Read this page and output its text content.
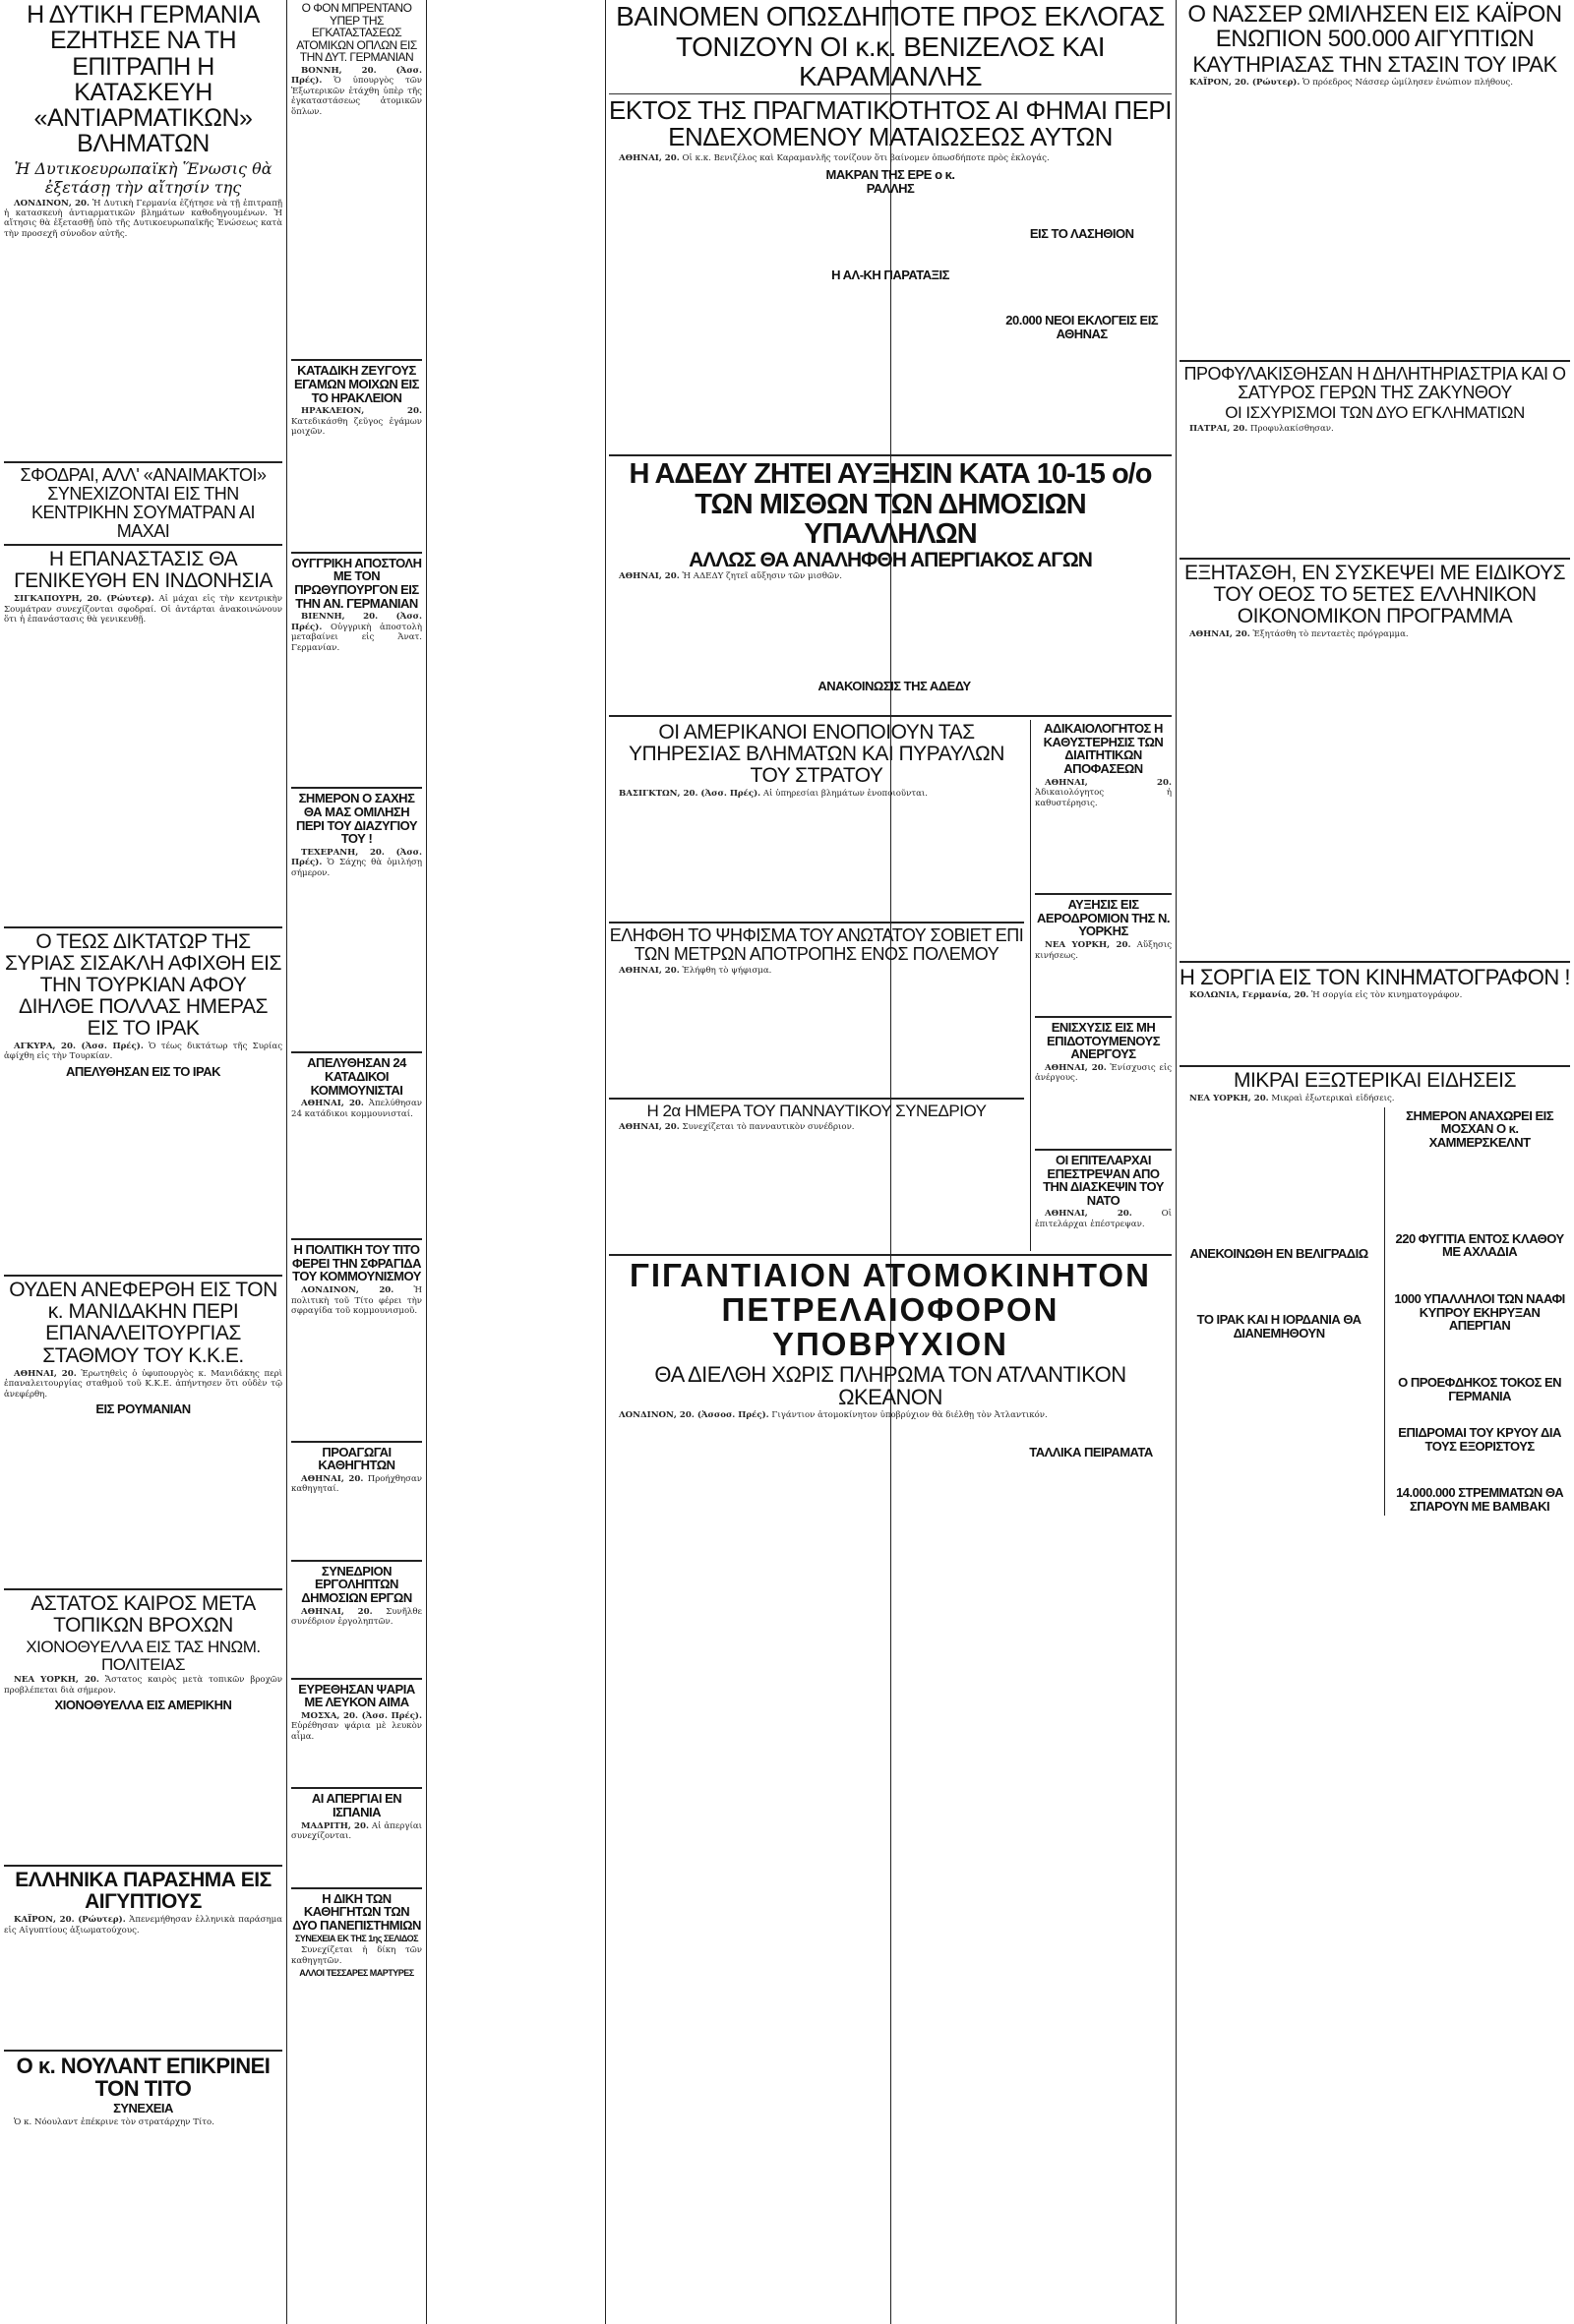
Η ΔΥΤΙΚΗ ΓΕΡΜΑΝΙΑ ΕΖΗΤΗΣΕ ΝΑ ΤΗ ΕΠΙΤΡΑΠΗ Η ΚΑΤΑΣΚΕΥΗ «ΑΝΤΙΑΡΜΑΤΙΚΩΝ» ΒΛΗΜΑΤΩΝ
Ἡ Δυτικοευρωπαϊκὴ Ἕνωσις θὰ ἐξετάσῃ τὴν αἴτησίν της

ΛΟΝΔΙΝΟΝ, 20. Ἡ Δυτικὴ Γερμανία ἐζήτησε νὰ τῇ ἐπιτραπῇ ἡ κατασκευὴ ἀντιαρματικῶν βλημάτων καθοδηγουμένων. Ἡ αἴτησις θὰ ἐξετασθῇ ὑπὸ τῆς Δυτικοευρωπαϊκῆς Ἑνώσεως κατὰ τὴν προσεχῆ σύνοδον αὐτῆς.

ΣΦΟΔΡΑΙ, ΑΛΛ' «ΑΝΑΙΜΑΚΤΟΙ» ΣΥΝΕΧΙΖΟΝΤΑΙ ΕΙΣ ΤΗΝ ΚΕΝΤΡΙΚΗΝ ΣΟΥΜΑΤΡΑΝ ΑΙ ΜΑΧΑΙ
Η ΕΠΑΝΑΣΤΑΣΙΣ ΘΑ ΓΕΝΙΚΕΥΘΗ ΕΝ ΙΝΔΟΝΗΣΙΑ

ΣΙΓΚΑΠΟΥΡΗ, 20. (Ρώυτερ). Αἱ μάχαι εἰς τὴν κεντρικὴν Σουμάτραν συνεχίζονται σφοδραί. Οἱ ἀντάρται ἀνακοινώνουν ὅτι ἡ ἐπανάστασις θὰ γενικευθῇ.

Ο ΤΕΩΣ ΔΙΚΤΑΤΩΡ ΤΗΣ ΣΥΡΙΑΣ ΣΙΣΑΚΛΗ ΑΦΙΧΘΗ ΕΙΣ ΤΗΝ ΤΟΥΡΚΙΑΝ ΑΦΟΥ ΔΙΗΛΘΕ ΠΟΛΛΑΣ ΗΜΕΡΑΣ ΕΙΣ ΤΟ ΙΡΑΚ

ΑΓΚΥΡΑ, 20. (Ἀσσ. Πρές). Ὁ τέως δικτάτωρ τῆς Συρίας ἀφίχθη εἰς τὴν Τουρκίαν.

ΑΠΕΛΥΘΗΣΑΝ ΕΙΣ ΤΟ ΙΡΑΚ
ΟΥΔΕΝ ΑΝΕΦΕΡΘΗ ΕΙΣ ΤΟΝ κ. ΜΑΝΙΔΑΚΗΝ ΠΕΡΙ ΕΠΑΝΑΛΕΙΤΟΥΡΓΙΑΣ ΣΤΑΘΜΟΥ ΤΟΥ Κ.Κ.Ε.

ΑΘΗΝΑΙ, 20. Ἐρωτηθεὶς ὁ ὑφυπουργὸς κ. Μανιδάκης περὶ ἐπαναλειτουργίας σταθμοῦ τοῦ Κ.Κ.Ε. ἀπήντησεν ὅτι οὐδὲν τῷ ἀνεφέρθη.

ΕΙΣ ΡΟΥΜΑΝΙΑΝ
ΑΣΤΑΤΟΣ ΚΑΙΡΟΣ ΜΕΤΑ ΤΟΠΙΚΩΝ ΒΡΟΧΩΝ
ΧΙΟΝΟΘΥΕΛΛΑ ΕΙΣ ΤΑΣ ΗΝΩΜ. ΠΟΛΙΤΕΙΑΣ

ΝΕΑ ΥΟΡΚΗ, 20. Ἄστατος καιρὸς μετὰ τοπικῶν βροχῶν προβλέπεται διὰ σήμερον.

ΧΙΟΝΟΘΥΕΛΛΑ ΕΙΣ ΑΜΕΡΙΚΗΝ
ΕΛΛΗΝΙΚΑ ΠΑΡΑΣΗΜΑ ΕΙΣ ΑΙΓΥΠΤΙΟΥΣ

ΚΑΪΡΟΝ, 20. (Ρώυτερ). Ἀπενεμήθησαν ἑλληνικὰ παράσημα εἰς Αἰγυπτίους ἀξιωματούχους.

Ο κ. ΝΟΥΛΑΝΤ ΕΠΙΚΡΙΝΕΙ ΤΟΝ ΤΙΤΟ
ΣΥΝΕΧΕΙΑ

Ὁ κ. Νόουλαντ ἐπέκρινε τὸν στρατάρχην Τίτο.

Ο ΦΟΝ ΜΠΡΕΝΤΑΝΟ ΥΠΕΡ ΤΗΣ ΕΓΚΑΤΑΣΤΑΣΕΩΣ ΑΤΟΜΙΚΩΝ ΟΠΛΩΝ ΕΙΣ ΤΗΝ ΔΥΤ. ΓΕΡΜΑΝΙΑΝ

ΒΟΝΝΗ, 20. (Ἀσσ. Πρές). Ὁ ὑπουργὸς τῶν Ἐξωτερικῶν ἐτάχθη ὑπὲρ τῆς ἐγκαταστάσεως ἀτομικῶν ὅπλων.

ΚΑΤΑΔΙΚΗ ΖΕΥΓΟΥΣ ΕΓΑΜΩΝ ΜΟΙΧΩΝ ΕΙΣ ΤΟ ΗΡΑΚΛΕΙΟΝ

ΗΡΑΚΛΕΙΟΝ, 20. Κατεδικάσθη ζεῦγος ἐγάμων μοιχῶν.

ΟΥΓΓΡΙΚΗ ΑΠΟΣΤΟΛΗ ΜΕ ΤΟΝ ΠΡΩΘΥΠΟΥΡΓΟΝ ΕΙΣ ΤΗΝ ΑΝ. ΓΕΡΜΑΝΙΑΝ

ΒΙΕΝΝΗ, 20. (Ἀσσ. Πρές). Οὐγγρικὴ ἀποστολὴ μεταβαίνει εἰς Ἀνατ. Γερμανίαν.

ΣΗΜΕΡΟΝ Ο ΣΑΧΗΣ ΘΑ ΜΑΣ ΟΜΙΛΗΣΗ ΠΕΡΙ ΤΟΥ ΔΙΑΖΥΓΙΟΥ ΤΟΥ !

ΤΕΧΕΡΑΝΗ, 20. (Ἀσσ. Πρές). Ὁ Σάχης θὰ ὁμιλήσῃ σήμερον.

ΑΠΕΛΥΘΗΣΑΝ 24 ΚΑΤΑΔΙΚΟΙ ΚΟΜΜΟΥΝΙΣΤΑΙ

ΑΘΗΝΑΙ, 20. Ἀπελύθησαν 24 κατάδικοι κομμουνισταί.

Η ΠΟΛΙΤΙΚΗ ΤΟΥ ΤΙΤΟ ΦΕΡΕΙ ΤΗΝ ΣΦΡΑΓΙΔΑ ΤΟΥ ΚΟΜΜΟΥΝΙΣΜΟΥ

ΛΟΝΔΙΝΟΝ, 20. Ἡ πολιτικὴ τοῦ Τίτο φέρει τὴν σφραγίδα τοῦ κομμουνισμοῦ.

ΠΡΟΑΓΩΓΑΙ ΚΑΘΗΓΗΤΩΝ

ΑΘΗΝΑΙ, 20. Προήχθησαν καθηγηταί.

ΣΥΝΕΔΡΙΟΝ ΕΡΓΟΛΗΠΤΩΝ ΔΗΜΟΣΙΩΝ ΕΡΓΩΝ

ΑΘΗΝΑΙ, 20. Συνῆλθε συνέδριον ἐργοληπτῶν.

ΕΥΡΕΘΗΣΑΝ ΨΑΡΙΑ ΜΕ ΛΕΥΚΟΝ ΑΙΜΑ

ΜΟΣΧΑ, 20. (Ἀσσ. Πρές). Εὑρέθησαν ψάρια μὲ λευκὸν αἷμα.

ΑΙ ΑΠΕΡΓΙΑΙ ΕΝ ΙΣΠΑΝΙΑ

ΜΑΔΡΙΤΗ, 20. Αἱ ἀπεργίαι συνεχίζονται.

Η ΔΙΚΗ ΤΩΝ ΚΑΘΗΓΗΤΩΝ ΤΩΝ ΔΥΟ ΠΑΝΕΠΙΣΤΗΜΙΩΝ
ΣΥΝΕΧΕΙΑ ΕΚ ΤΗΣ 1ης ΣΕΛΙΔΟΣ

Συνεχίζεται ἡ δίκη τῶν καθηγητῶν.

ΑΛΛΟΙ ΤΕΣΣΑΡΕΣ ΜΑΡΤΥΡΕΣ
ΒΑΙΝΟΜΕΝ ΟΠΩΣΔΗΠΟΤΕ ΠΡΟΣ ΕΚΛΟΓΑΣ
ΤΟΝΙΖΟΥΝ ΟΙ κ.κ. ΒΕΝΙΖΕΛΟΣ ΚΑΙ ΚΑΡΑΜΑΝΛΗΣ
ΕΚΤΟΣ ΤΗΣ ΠΡΑΓΜΑΤΙΚΟΤΗΤΟΣ ΑΙ ΦΗΜΑΙ ΠΕΡΙ ΕΝΔΕΧΟΜΕΝΟΥ ΜΑΤΑΙΩΣΕΩΣ ΑΥΤΩΝ

ΑΘΗΝΑΙ, 20. Οἱ κ.κ. Βενιζέλος καὶ Καραμανλῆς τονίζουν ὅτι βαίνομεν ὁπωσδήποτε πρὸς ἐκλογάς.

ΜΑΚΡΑΝ ΤΗΣ ΕΡΕ ο κ. ΡΑΛΛΗΣ
Η ΑΛ-ΚΗ ΠΑΡΑΤΑΞΙΣ
ΕΙΣ ΤΟ ΛΑΣΗΘΙΟΝ
20.000 ΝΕΟΙ ΕΚΛΟΓΕΙΣ ΕΙΣ ΑΘΗΝΑΣ
Η ΑΔΕΔΥ ΖΗΤΕΙ ΑΥΞΗΣΙΝ ΚΑΤΑ 10-15 ο/ο
ΤΩΝ ΜΙΣΘΩΝ ΤΩΝ ΔΗΜΟΣΙΩΝ ΥΠΑΛΛΗΛΩΝ
ΑΛΛΩΣ ΘΑ ΑΝΑΛΗΦΘΗ ΑΠΕΡΓΙΑΚΟΣ ΑΓΩΝ

ΑΘΗΝΑΙ, 20. Ἡ ΑΔΕΔΥ ζητεῖ αὔξησιν τῶν μισθῶν.

ΑΝΑΚΟΙΝΩΣΙΣ ΤΗΣ ΑΔΕΔΥ
ΟΙ ΑΜΕΡΙΚΑΝΟΙ ΕΝΟΠΟΙΟΥΝ ΤΑΣ ΥΠΗΡΕΣΙΑΣ ΒΛΗΜΑΤΩΝ ΚΑΙ ΠΥΡΑΥΛΩΝ ΤΟΥ ΣΤΡΑΤΟΥ

ΒΑΣΙΓΚΤΩΝ, 20. (Ἀσσ. Πρές). Αἱ ὑπηρεσίαι βλημάτων ἑνοποιοῦνται.

ΕΛΗΦΘΗ ΤΟ ΨΗΦΙΣΜΑ ΤΟΥ ΑΝΩΤΑΤΟΥ ΣΟΒΙΕΤ ΕΠΙ ΤΩΝ ΜΕΤΡΩΝ ΑΠΟΤΡΟΠΗΣ ΕΝΟΣ ΠΟΛΕΜΟΥ

ΑΘΗΝΑΙ, 20. Ἐλήφθη τὸ ψήφισμα.

Η 2α ΗΜΕΡΑ ΤΟΥ ΠΑΝΝΑΥΤΙΚΟΥ ΣΥΝΕΔΡΙΟΥ

ΑΘΗΝΑΙ, 20. Συνεχίζεται τὸ πανναυτικὸν συνέδριον.

ΑΔΙΚΑΙΟΛΟΓΗΤΟΣ Η ΚΑΘΥΣΤΕΡΗΣΙΣ ΤΩΝ ΔΙΑΙΤΗΤΙΚΩΝ ΑΠΟΦΑΣΕΩΝ

ΑΘΗΝΑΙ, 20. Ἀδικαιολόγητος ἡ καθυστέρησις.

ΑΥΞΗΣΙΣ ΕΙΣ ΑΕΡΟΔΡΟΜΙΟΝ ΤΗΣ Ν. ΥΟΡΚΗΣ

ΝΕΑ ΥΟΡΚΗ, 20. Αὔξησις κινήσεως.

ΕΝΙΣΧΥΣΙΣ ΕΙΣ ΜΗ ΕΠΙΔΟΤΟΥΜΕΝΟΥΣ ΑΝΕΡΓΟΥΣ

ΑΘΗΝΑΙ, 20. Ἐνίσχυσις εἰς ἀνέργους.

ΟΙ ΕΠΙΤΕΛΑΡΧΑΙ ΕΠΕΣΤΡΕΨΑΝ ΑΠΟ ΤΗΝ ΔΙΑΣΚΕΨΙΝ ΤΟΥ ΝΑΤΟ

ΑΘΗΝΑΙ, 20.	Οἱ ἐπιτελάρχαι ἐπέστρεψαν.

ΓΙΓΑΝΤΙΑΙΟΝ ΑΤΟΜΟΚΙΝΗΤΟΝ
ΠΕΤΡΕΛΑΙΟΦΟΡΟΝ ΥΠΟΒΡΥΧΙΟΝ
ΘΑ ΔΙΕΛΘΗ ΧΩΡΙΣ ΠΛΗΡΩΜΑ ΤΟΝ ΑΤΛΑΝΤΙΚΟΝ ΩΚΕΑΝΟΝ

ΛΟΝΔΙΝΟΝ, 20. (Ἀσσοσ. Πρές). Γιγάντιον ἀτομοκίνητον ὑποβρύχιον θὰ διέλθῃ τὸν Ἀτλαντικόν.

ΤΑΛΛΙΚΑ ΠΕΙΡΑΜΑΤΑ
Ο ΝΑΣΣΕΡ ΩΜΙΛΗΣΕΝ ΕΙΣ ΚΑΪΡΟΝ ΕΝΩΠΙΟΝ 500.000 ΑΙΓΥΠΤΙΩΝ
ΚΑΥΤΗΡΙΑΣΑΣ ΤΗΝ ΣΤΑΣΙΝ ΤΟΥ ΙΡΑΚ

ΚΑΪΡΟΝ, 20. (Ρώυτερ). Ὁ πρόεδρος Νάσσερ ὡμίλησεν ἐνώπιον πλήθους.

ΠΡΟΦΥΛΑΚΙΣΘΗΣΑΝ Η ΔΗΛΗΤΗΡΙΑΣΤΡΙΑ ΚΑΙ Ο ΣΑΤΥΡΟΣ ΓΕΡΩΝ ΤΗΣ ΖΑΚΥΝΘΟΥ
ΟΙ ΙΣΧΥΡΙΣΜΟΙ ΤΩΝ ΔΥΟ ΕΓΚΛΗΜΑΤΙΩΝ

ΠΑΤΡΑΙ, 20. Προφυλακίσθησαν.

ΕΞΗΤΑΣΘΗ, ΕΝ ΣΥΣΚΕΨΕΙ ΜΕ ΕΙΔΙΚΟΥΣ ΤΟΥ ΟΕΟΣ ΤΟ 5ΕΤΕΣ ΕΛΛΗΝΙΚΟΝ ΟΙΚΟΝΟΜΙΚΟΝ ΠΡΟΓΡΑΜΜΑ

ΑΘΗΝΑΙ, 20. Ἐξητάσθη τὸ πενταετὲς πρόγραμμα.

Η ΣΟΡΓΙΑ ΕΙΣ ΤΟΝ ΚΙΝΗΜΑΤΟΓΡΑΦΟΝ !

ΚΟΛΩΝΙΑ, Γερμανία, 20. Ἡ σοργία εἰς τὸν κινηματογράφον.

ΜΙΚΡΑΙ ΕΞΩΤΕΡΙΚΑΙ ΕΙΔΗΣΕΙΣ

ΝΕΑ ΥΟΡΚΗ, 20. Μικραὶ ἐξωτερικαὶ εἰδήσεις.

ΑΝΕΚΟΙΝΩΘΗ ΕΝ ΒΕΛΙΓΡΑΔΙΩ
ΤΟ ΙΡΑΚ ΚΑΙ Η ΙΟΡΔΑΝΙΑ ΘΑ ΔΙΑΝΕΜΗΘΟΥΝ
ΣΗΜΕΡΟΝ ΑΝΑΧΩΡΕΙ ΕΙΣ ΜΟΣΧΑΝ Ο κ. ΧΑΜΜΕΡΣΚΕΛΝΤ
220 ΦΥΓΙΤΙΑ ΕΝΤΟΣ ΚΛΑΘΟΥ ΜΕ ΑΧΛΑΔΙΑ
1000 ΥΠΑΛΛΗΛΟΙ ΤΩΝ ΝΑΑΦΙ ΚΥΠΡΟΥ ΕΚΗΡΥΞΑΝ ΑΠΕΡΓΙΑΝ
Ο ΠΡΟΕΦΔΗΚΟΣ ΤΟΚΟΣ ΕΝ ΓΕΡΜΑΝΙΑ
ΕΠΙΔΡΟΜΑΙ ΤΟΥ ΚΡΥΟΥ ΔΙΑ ΤΟΥΣ ΕΞΟΡΙΣΤΟΥΣ
14.000.000 ΣΤΡΕΜΜΑΤΩΝ ΘΑ ΣΠΑΡΟΥΝ ΜΕ ΒΑΜΒΑΚΙ
